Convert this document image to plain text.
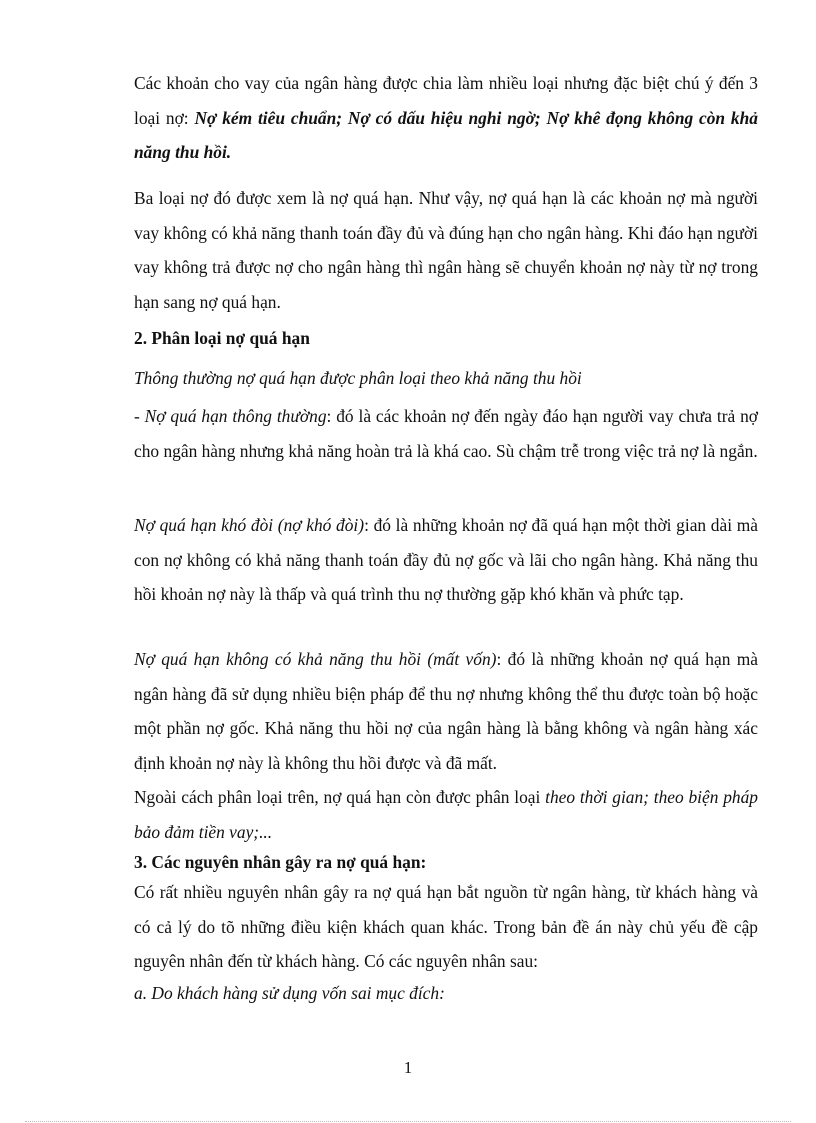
Các khoản cho vay của ngân hàng được chia làm nhiều loại nhưng đặc biệt chú ý đến 3 loại nợ: Nợ kém tiêu chuẩn; Nợ có dấu hiệu nghi ngờ; Nợ khê đọng không còn khả năng thu hồi.

Ba loại nợ đó được xem là nợ quá hạn. Như vậy, nợ quá hạn là các khoản nợ mà người vay không có khả năng thanh toán đầy đủ và đúng hạn cho ngân hàng. Khi đáo hạn người vay không trả được nợ cho ngân hàng thì ngân hàng sẽ chuyển khoản nợ này từ nợ trong hạn sang nợ quá hạn.

2. Phân loại nợ quá hạn

Thông thường nợ quá hạn được phân loại theo khả năng thu hồi

- Nợ quá hạn thông thường: đó là các khoản nợ đến ngày đáo hạn người vay chưa trả nợ cho ngân hàng nhưng khả năng hoàn trả là khá cao. Sù chậm trễ trong việc trả nợ là ngắn.

Nợ quá hạn khó đòi (nợ khó đòi): đó là những khoản nợ đã quá hạn một thời gian dài mà con nợ không có khả năng thanh toán đầy đủ nợ gốc và lãi cho ngân hàng. Khả năng thu hồi khoản nợ này là thấp và quá trình thu nợ thường gặp khó khăn và phức tạp.

Nợ quá hạn không có khả năng thu hồi (mất vốn): đó là những khoản nợ quá hạn mà ngân hàng đã sử dụng nhiều biện pháp để thu nợ nhưng không thể thu được toàn bộ hoặc một phần nợ gốc. Khả năng thu hồi nợ của ngân hàng là bằng không và ngân hàng xác định khoản nợ này là không thu hồi được và đã mất.

Ngoài cách phân loại trên, nợ quá hạn còn được phân loại theo thời gian; theo biện pháp bảo đảm tiền vay;...

3. Các nguyên nhân gây ra nợ quá hạn:

Có rất nhiều nguyên nhân gây ra nợ quá hạn bắt nguồn từ ngân hàng, từ khách hàng và có cả lý do tõ những điều kiện khách quan khác. Trong bản đề án này chủ yếu đề cập nguyên nhân đến từ khách hàng. Có các nguyên nhân sau:

a. Do khách hàng sử dụng vốn sai mục đích:

1
